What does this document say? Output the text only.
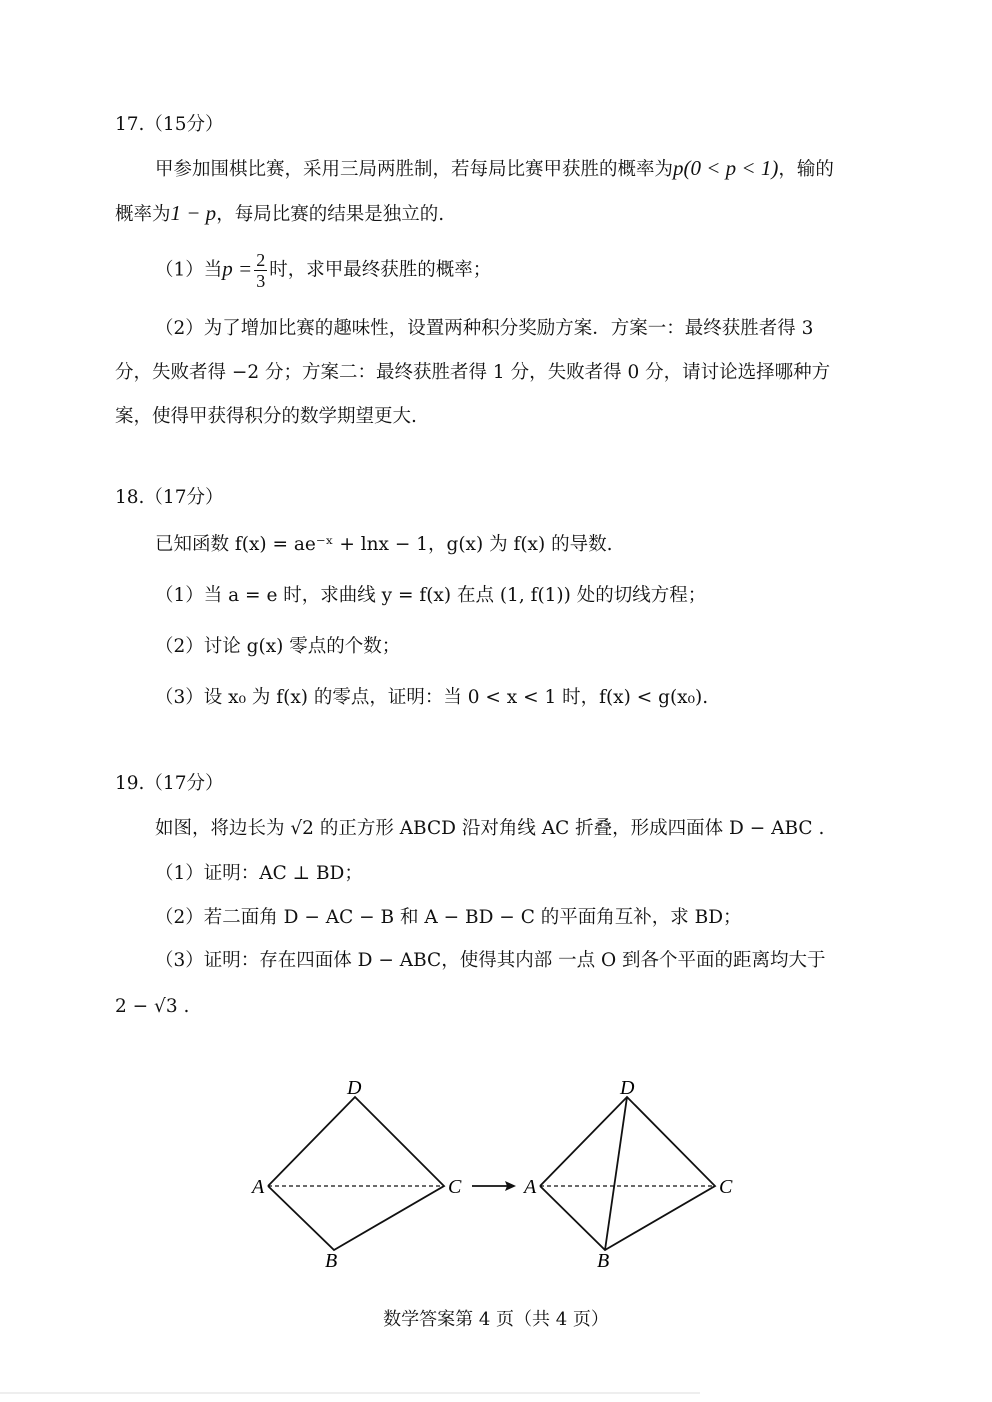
17.（15分）
甲参加围棋比赛，采用三局两胜制，若每局比赛甲获胜的概率为p(0 < p < 1)，输的
概率为1 − p，每局比赛的结果是独立的.
（1）当$p = \frac{2}{3}$ 时，求甲最终获胜的概率；
（2）为了增加比赛的趣味性，设置两种积分奖励方案．方案一：最终获胜者得 3
分，失败者得 −2 分；方案二：最终获胜者得 1 分，失败者得 0 分，请讨论选择哪种方
案，使得甲获得积分的数学期望更大.
18.（17分）
已知函数 f(x) = ae⁻ˣ + lnx − 1，g(x) 为 f(x) 的导数.
（1）当 a = e 时，求曲线 y = f(x) 在点 (1, f(1)) 处的切线方程；
（2）讨论 g(x) 零点的个数；
（3）设 x₀ 为 f(x) 的零点，证明：当 0 < x < 1 时，f(x) < g(x₀).
19.（17分）
如图，将边长为 √2 的正方形 ABCD 沿对角线 AC 折叠，形成四面体 D − ABC .
（1）证明：AC ⊥ BD；
（2）若二面角 D − AC − B 和 A − BD − C 的平面角互补，求 BD；
（3）证明：存在四面体 D − ABC，使得其内部 一点 O 到各个平面的距离均大于
2 − √3 .
D
A	C
B
D
A	C
B
数学答案第 4 页（共 4 页）
